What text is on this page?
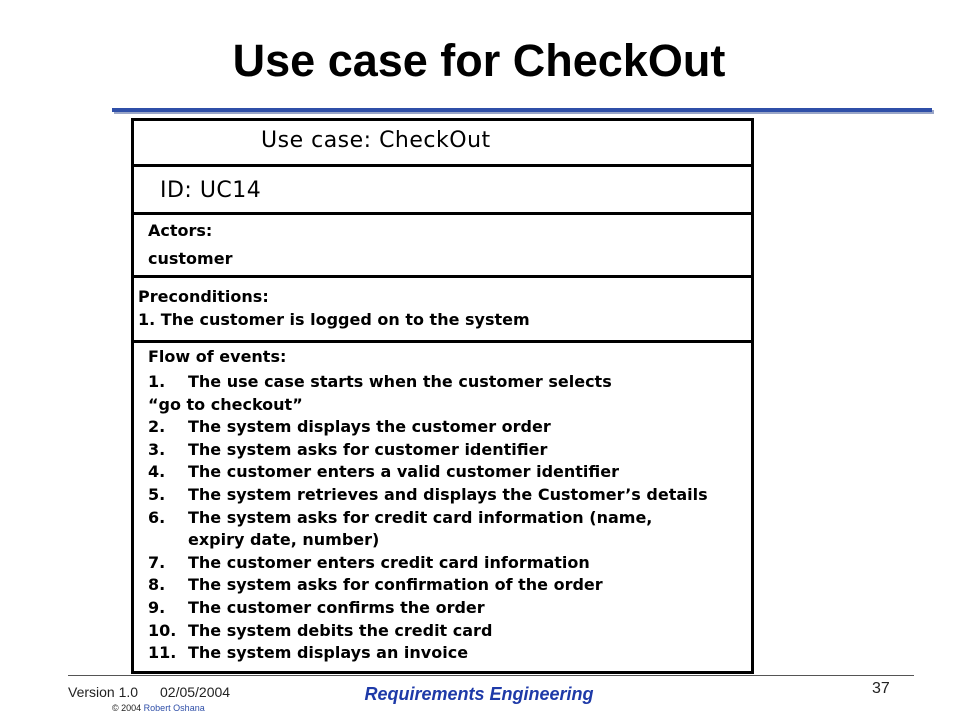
Use case for CheckOut
Use case: CheckOut
ID: UC14
Actors:
customer
Preconditions:
1. The customer is logged on to the system
Flow of events:
1. The use case starts when the customer selects
“go to checkout”
2. The system displays the customer order
3. The system asks for customer identifier
4. The customer enters a valid customer identifier
5. The system retrieves and displays the Customer’s details
6. The system asks for credit card information (name,
expiry date, number)
7. The customer enters credit card information
8. The system asks for confirmation of the order
9. The customer confirms the order
10. The system debits the credit card
11. The system displays an invoice
Version 1.0 02/05/2004
© 2004 Robert Oshana
Requirements Engineering	37
